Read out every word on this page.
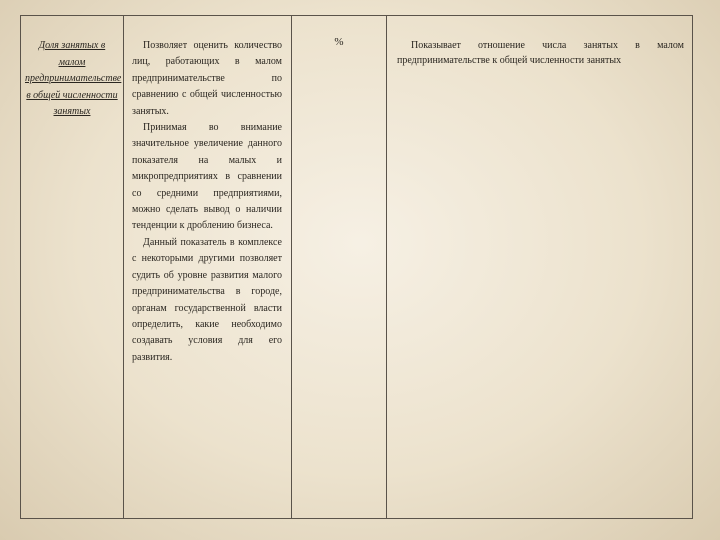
Доля занятых в малом предпринимательстве в общей численности занятых

Позволяет оценить количество лиц, работающих в малом предпринимательстве по сравнению с общей численностью занятых.

Принимая во внимание значительное увеличение данного показателя на малых и микропредприятиях в сравнении со средними предприятиями, можно сделать вывод о наличии тенденции к дроблению бизнеса.

Данный показатель в комплексе с некоторыми другими позволяет судить об уровне развития малого предпринимательства в городе, органам государственной власти определить, какие необходимо создавать условия для его развития.

%	Показывает отношение числа занятых в малом предпринимательстве к общей численности занятых
